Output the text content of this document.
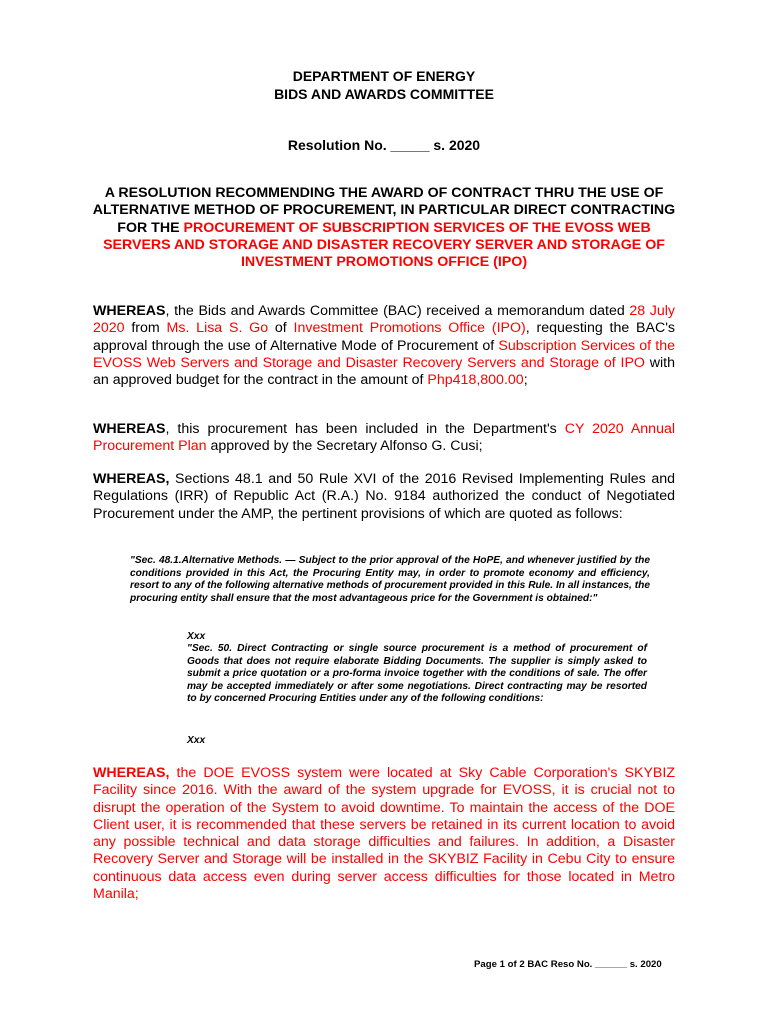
DEPARTMENT OF ENERGY
BIDS AND AWARDS COMMITTEE
Resolution No. _____ s. 2020
A RESOLUTION RECOMMENDING THE AWARD OF CONTRACT THRU THE USE OF ALTERNATIVE METHOD OF PROCUREMENT, IN PARTICULAR DIRECT CONTRACTING FOR THE PROCUREMENT OF SUBSCRIPTION SERVICES OF THE EVOSS WEB SERVERS AND STORAGE AND DISASTER RECOVERY SERVER AND STORAGE OF INVESTMENT PROMOTIONS OFFICE (IPO)
WHEREAS, the Bids and Awards Committee (BAC) received a memorandum dated 28 July 2020 from Ms. Lisa S. Go of Investment Promotions Office (IPO), requesting the BAC's approval through the use of Alternative Mode of Procurement of Subscription Services of the EVOSS Web Servers and Storage and Disaster Recovery Servers and Storage of IPO with an approved budget for the contract in the amount of Php418,800.00;
WHEREAS, this procurement has been included in the Department's CY 2020 Annual Procurement Plan approved by the Secretary Alfonso G. Cusi;
WHEREAS, Sections 48.1 and 50 Rule XVI of the 2016 Revised Implementing Rules and Regulations (IRR) of Republic Act (R.A.) No. 9184 authorized the conduct of Negotiated Procurement under the AMP, the pertinent provisions of which are quoted as follows:
"Sec. 48.1.Alternative Methods. — Subject to the prior approval of the HoPE, and whenever justified by the conditions provided in this Act, the Procuring Entity may, in order to promote economy and efficiency, resort to any of the following alternative methods of procurement provided in this Rule. In all instances, the procuring entity shall ensure that the most advantageous price for the Government is obtained:"
Xxx
"Sec. 50. Direct Contracting or single source procurement is a method of procurement of Goods that does not require elaborate Bidding Documents. The supplier is simply asked to submit a price quotation or a pro-forma invoice together with the conditions of sale. The offer may be accepted immediately or after some negotiations. Direct contracting may be resorted to by concerned Procuring Entities under any of the following conditions:
Xxx
WHEREAS, the DOE EVOSS system were located at Sky Cable Corporation's SKYBIZ Facility since 2016. With the award of the system upgrade for EVOSS, it is crucial not to disrupt the operation of the System to avoid downtime. To maintain the access of the DOE Client user, it is recommended that these servers be retained in its current location to avoid any possible technical and data storage difficulties and failures. In addition, a Disaster Recovery Server and Storage will be installed in the SKYBIZ Facility in Cebu City to ensure continuous data access even during server access difficulties for those located in Metro Manila;
Page 1 of 2 BAC Reso No. ______ s. 2020
